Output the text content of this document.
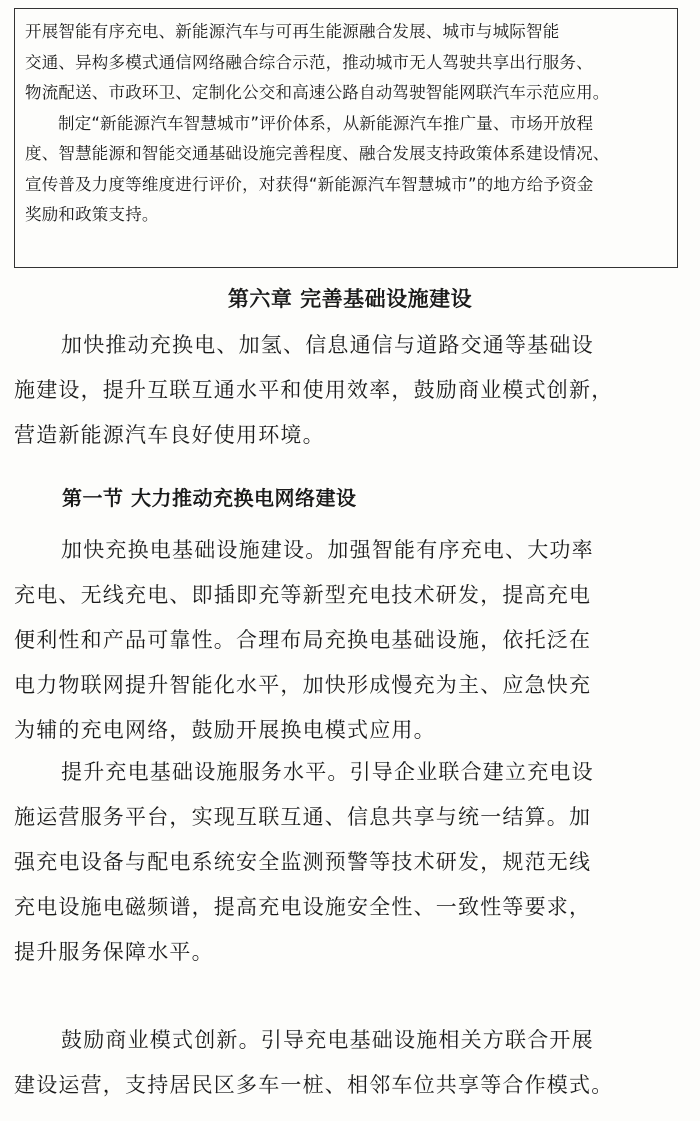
开展智能有序充电、新能源汽车与可再生能源融合发展、城市与城际智能
交通、异构多模式通信网络融合综合示范，推动城市无人驾驶共享出行服务、
物流配送、市政环卫、定制化公交和高速公路自动驾驶智能网联汽车示范应用。
制定“新能源汽车智慧城市”评价体系，从新能源汽车推广量、市场开放程
度、智慧能源和智能交通基础设施完善程度、融合发展支持政策体系建设情况、
宣传普及力度等维度进行评价，对获得“新能源汽车智慧城市”的地方给予资金
奖励和政策支持。
第六章 完善基础设施建设
加快推动充换电、加氢、信息通信与道路交通等基础设
施建设，提升互联互通水平和使用效率，鼓励商业模式创新，
营造新能源汽车良好使用环境。
第一节 大力推动充换电网络建设
加快充换电基础设施建设。加强智能有序充电、大功率
充电、无线充电、即插即充等新型充电技术研发，提高充电
便利性和产品可靠性。合理布局充换电基础设施，依托泛在
电力物联网提升智能化水平，加快形成慢充为主、应急快充
为辅的充电网络，鼓励开展换电模式应用。
提升充电基础设施服务水平。引导企业联合建立充电设
施运营服务平台，实现互联互通、信息共享与统一结算。加
强充电设备与配电系统安全监测预警等技术研发，规范无线
充电设施电磁频谱，提高充电设施安全性、一致性等要求，
提升服务保障水平。
鼓励商业模式创新。引导充电基础设施相关方联合开展
建设运营，支持居民区多车一桩、相邻车位共享等合作模式。
